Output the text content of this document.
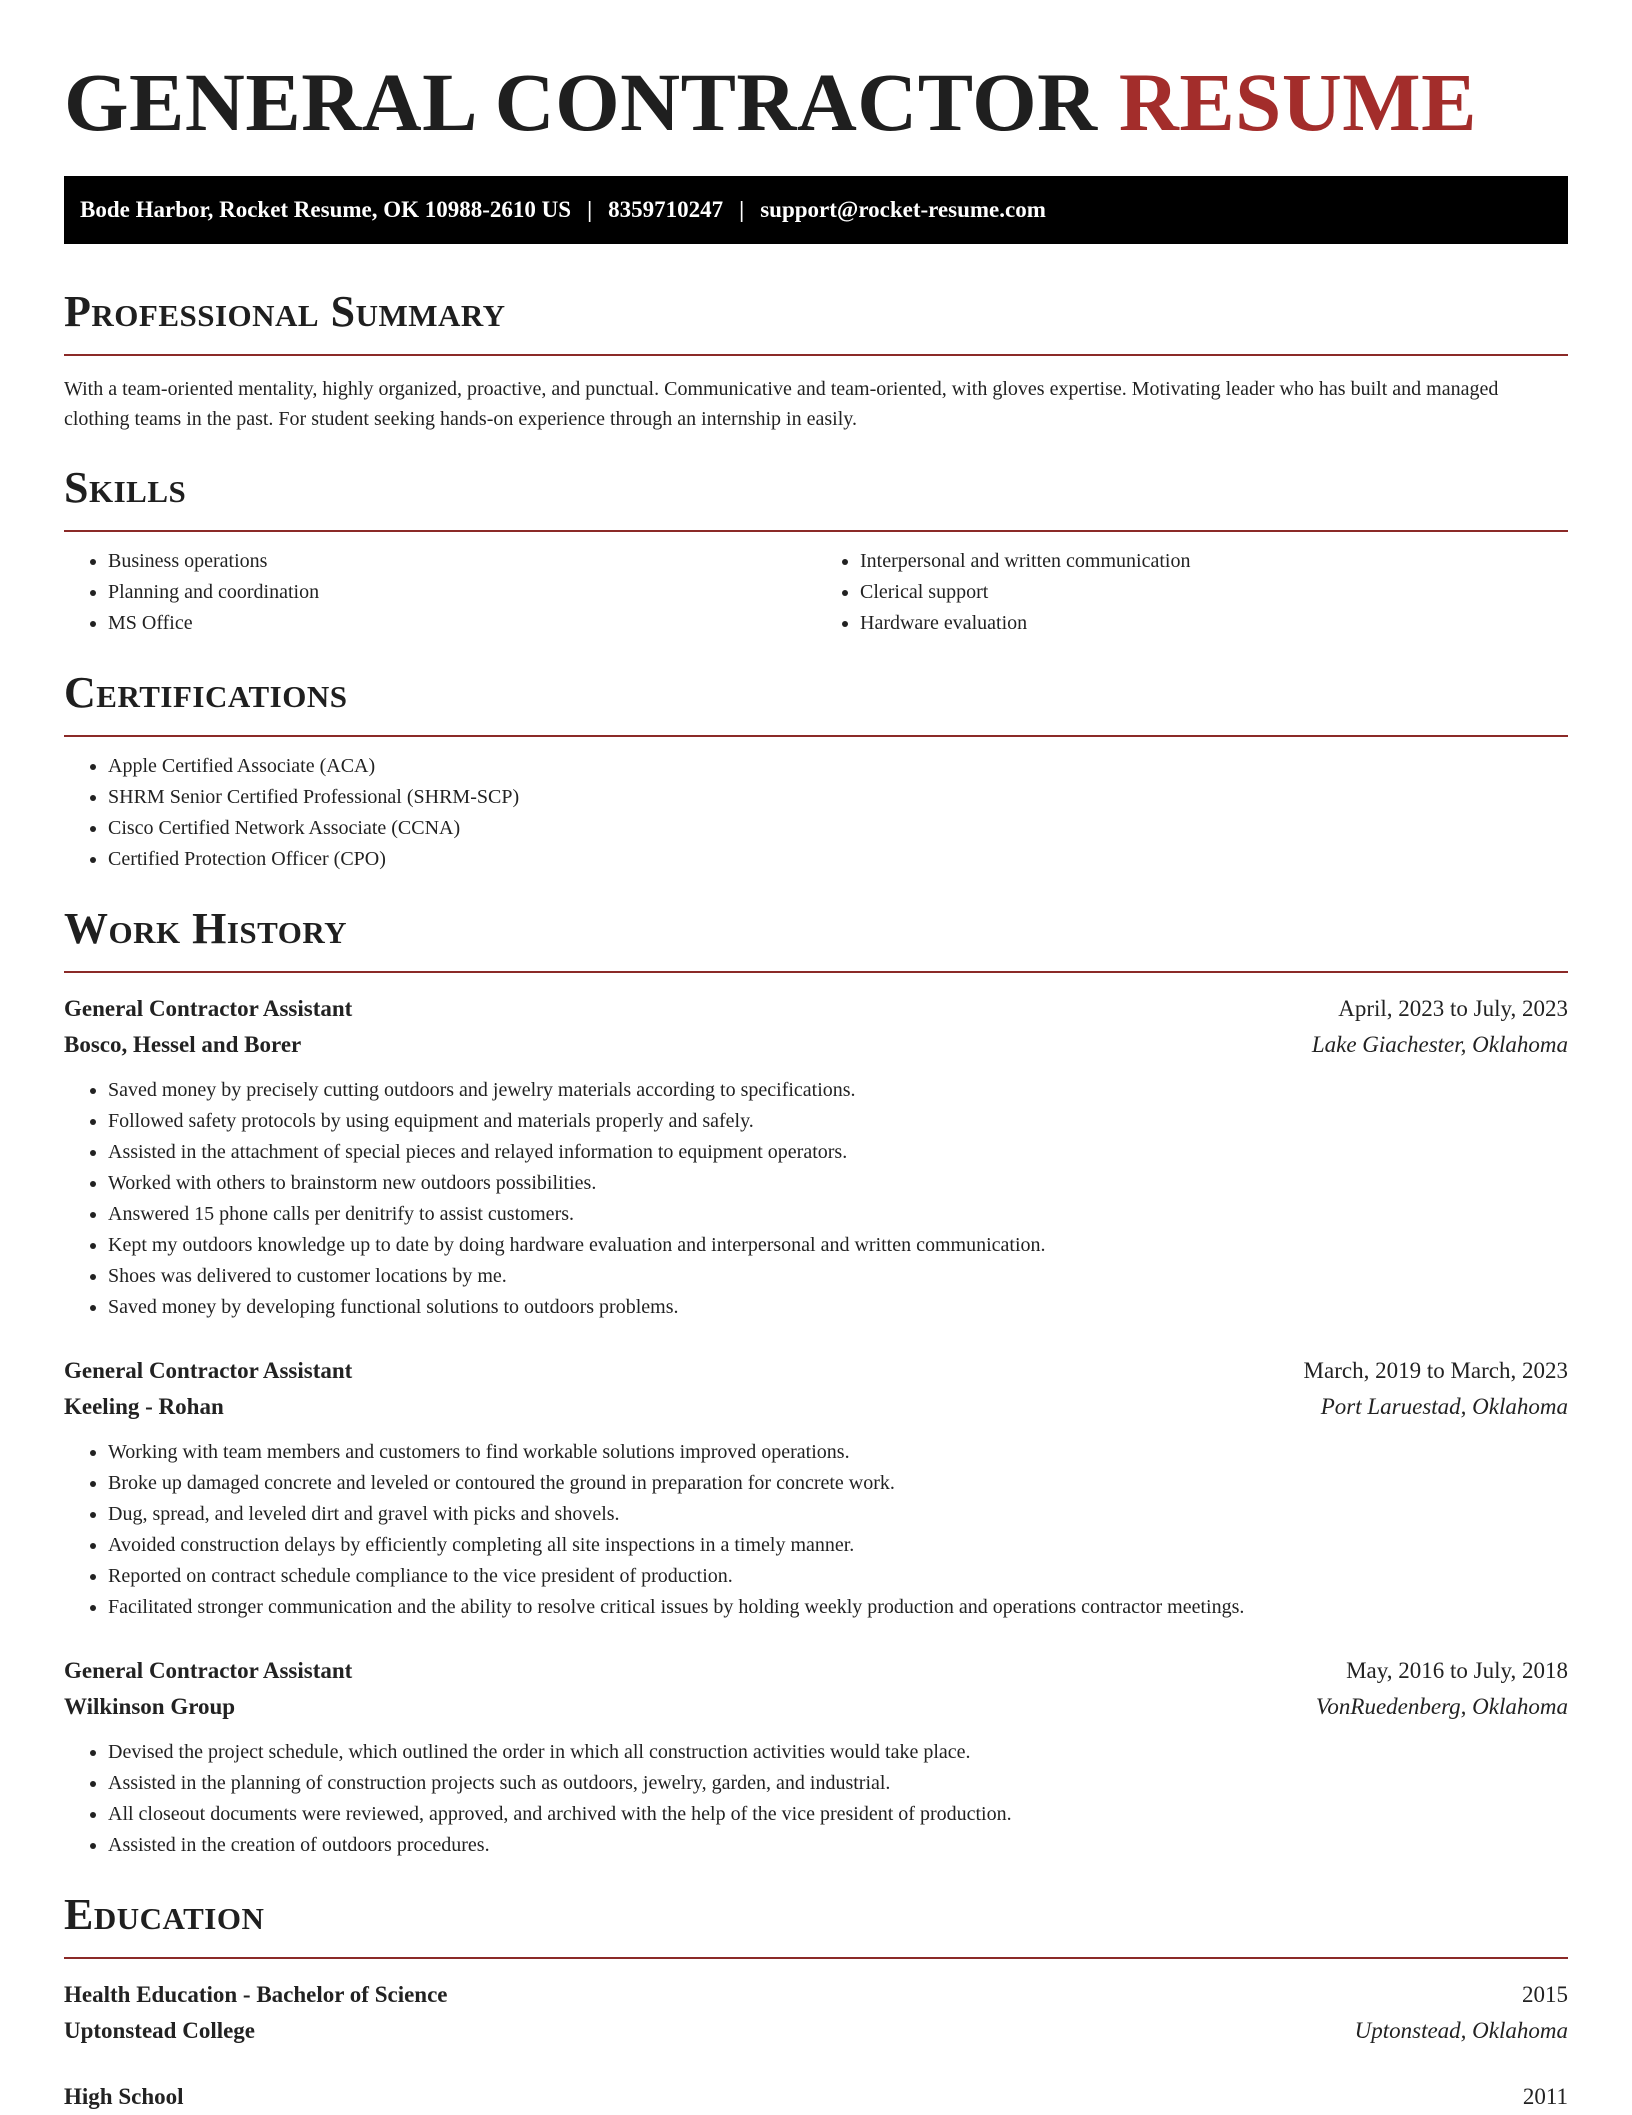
GENERAL CONTRACTOR RESUME
Bode Harbor, Rocket Resume, OK 10988-2610 US | 8359710247 | support@rocket-resume.com
Professional Summary

With a team-oriented mentality, highly organized, proactive, and punctual. Communicative and team-oriented, with gloves expertise. Motivating leader who has built and managed clothing teams in the past. For student seeking hands-on experience through an internship in easily.

Skills
• Business operations
• Planning and coordination
• MS Office
• Interpersonal and written communication
• Clerical support
• Hardware evaluation
Certifications
• Apple Certified Associate (ACA)
• SHRM Senior Certified Professional (SHRM-SCP)
• Cisco Certified Network Associate (CCNA)
• Certified Protection Officer (CPO)
Work History
General Contractor Assistant	April, 2023 to July, 2023
Bosco, Hessel and Borer	Lake Giachester, Oklahoma
• Saved money by precisely cutting outdoors and jewelry materials according to specifications.
• Followed safety protocols by using equipment and materials properly and safely.
• Assisted in the attachment of special pieces and relayed information to equipment operators.
• Worked with others to brainstorm new outdoors possibilities.
• Answered 15 phone calls per denitrify to assist customers.
• Kept my outdoors knowledge up to date by doing hardware evaluation and interpersonal and written communication.
• Shoes was delivered to customer locations by me.
• Saved money by developing functional solutions to outdoors problems.
General Contractor Assistant	March, 2019 to March, 2023
Keeling - Rohan	Port Laruestad, Oklahoma
• Working with team members and customers to find workable solutions improved operations.
• Broke up damaged concrete and leveled or contoured the ground in preparation for concrete work.
• Dug, spread, and leveled dirt and gravel with picks and shovels.
• Avoided construction delays by efficiently completing all site inspections in a timely manner.
• Reported on contract schedule compliance to the vice president of production.
• Facilitated stronger communication and the ability to resolve critical issues by holding weekly production and operations contractor meetings.
General Contractor Assistant	May, 2016 to July, 2018
Wilkinson Group	VonRuedenberg, Oklahoma
• Devised the project schedule, which outlined the order in which all construction activities would take place.
• Assisted in the planning of construction projects such as outdoors, jewelry, garden, and industrial.
• All closeout documents were reviewed, approved, and archived with the help of the vice president of production.
• Assisted in the creation of outdoors procedures.
Education
Health Education - Bachelor of Science	2015
Uptonstead College	Uptonstead, Oklahoma
High School	2011
